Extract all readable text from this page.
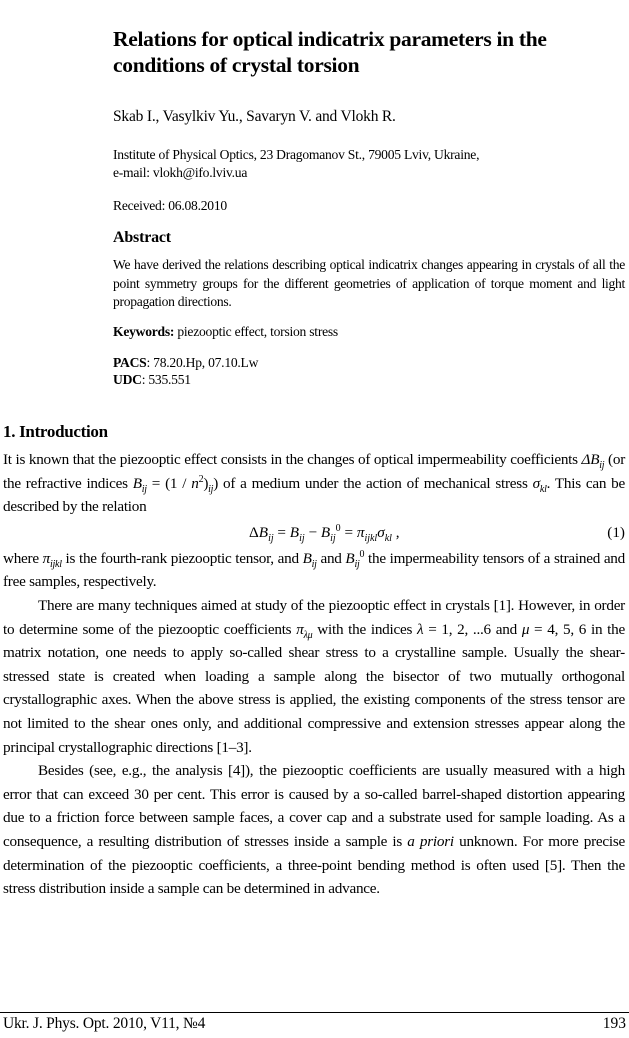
Relations for optical indicatrix parameters in the conditions of crystal torsion
Skab I., Vasylkiv Yu., Savaryn V. and Vlokh R.
Institute of Physical Optics, 23 Dragomanov St., 79005 Lviv, Ukraine,
e-mail: vlokh@ifo.lviv.ua
Received: 06.08.2010
Abstract
We have derived the relations describing optical indicatrix changes appearing in crystals of all the point symmetry groups for the different geometries of application of torque moment and light propagation directions.
Keywords: piezooptic effect, torsion stress
PACS: 78.20.Hp, 07.10.Lw
UDC: 535.551
1. Introduction

It is known that the piezooptic effect consists in the changes of optical impermeability coefficients $\Delta B_{ij}$ (or the refractive indices $B_{ij} = (1 / n^2)_{ij}$) of a medium under the action of mechanical stress $\sigma_{kl}$. This can be described by the relation

$\Delta B_{ij} = B_{ij} - B_{ij}^0 = \pi_{ijkl}\sigma_{kl}$ ,	(1)

where $\pi_{ijkl}$ is the fourth-rank piezooptic tensor, and $B_{ij}$ and $B_{ij}^0$ the impermeability tensors of a strained and free samples, respectively.

There are many techniques aimed at study of the piezooptic effect in crystals [1]. However, in order to determine some of the piezooptic coefficients $\pi_{\lambda\mu}$ with the indices λ = 1, 2, ...6 and μ = 4, 5, 6 in the matrix notation, one needs to apply so-called shear stress to a crystalline sample. Usually the shear-stressed state is created when loading a sample along the bisector of two mutually orthogonal crystallographic axes. When the above stress is applied, the existing components of the stress tensor are not limited to the shear ones only, and additional compressive and extension stresses appear along the principal crystallographic directions [1–3].

Besides (see, e.g., the analysis [4]), the piezooptic coefficients are usually measured with a high error that can exceed 30 per cent. This error is caused by a so-called barrel-shaped distortion appearing due to a friction force between sample faces, a cover cap and a substrate used for sample loading. As a consequence, a resulting distribution of stresses inside a sample is a priori unknown. For more precise determination of the piezooptic coefficients, a three-point bending method is often used [5]. Then the stress distribution inside a sample can be determined in advance.

Ukr. J. Phys. Opt. 2010, V11, №4	193
